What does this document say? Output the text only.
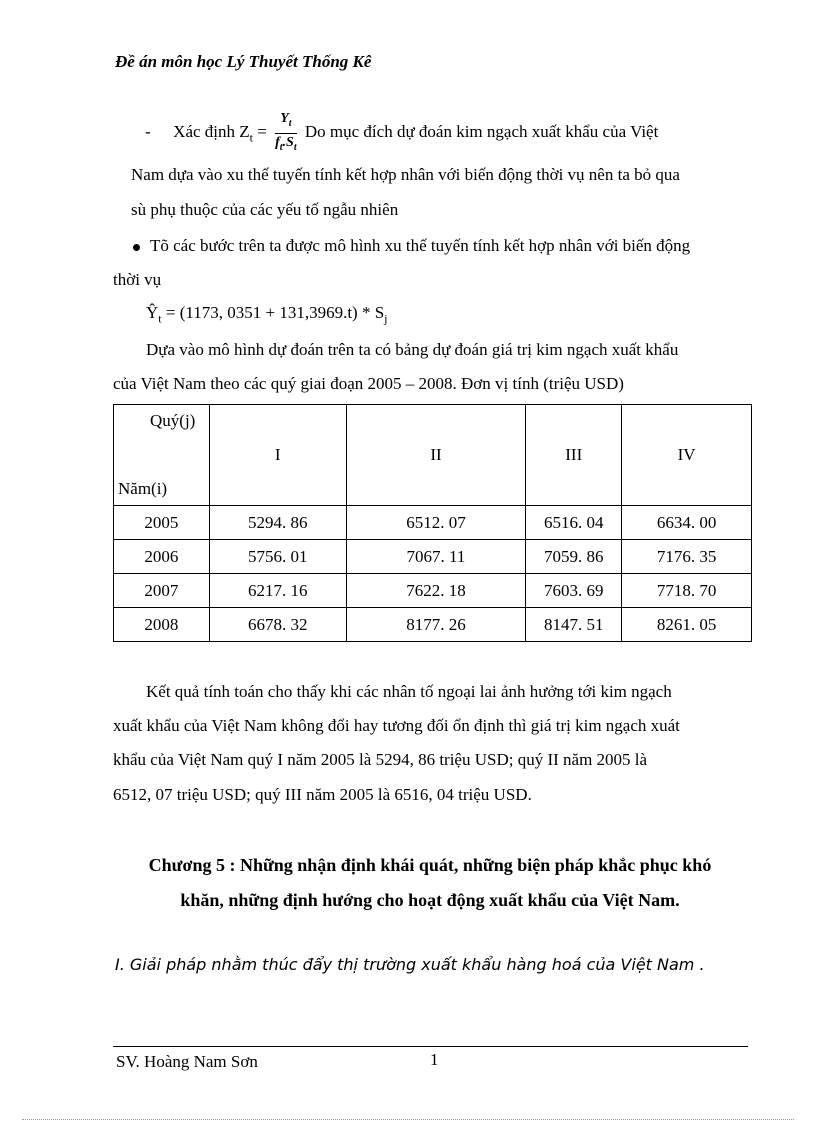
Đề án môn học Lý Thuyết Thống Kê
- Xác định $Z_t = \frac{Y_t}{f_t.S_t}$ Do mục đích dự đoán kim ngạch xuất khẩu của Việt
Nam dựa vào xu thế tuyến tính kết hợp nhân với biến động thời vụ nên ta bỏ qua
sù phụ thuộc của các yếu tố ngẫu nhiên
Tõ các bước trên ta được mô hình xu thế tuyến tính kết hợp nhân với biến động
thời vụ
$Ŷ_t = (1173$, $0351 + 131,3969.t) * S_j$
Dựa vào mô hình dự đoán trên ta có bảng dự đoán giá trị kim ngạch xuất khẩu
của Việt Nam theo các quý giai đoạn 2005 – 2008. Đơn vị tính (triệu USD)
Quý(j)
Năm(i)	I	II	III	IV
2005	5294. 86	6512. 07	6516. 04	6634. 00
2006	5756. 01	7067. 11	7059. 86	7176. 35
2007	6217. 16	7622. 18	7603. 69	7718. 70
2008	6678. 32	8177. 26	8147. 51	8261. 05
Kết quả tính toán cho thấy khi các nhân tố ngoại lai ảnh hưởng tới kim ngạch
xuất khẩu của Việt Nam không đổi hay tương đối ổn định thì giá trị kim ngạch xuát
khẩu của Việt Nam quý I năm 2005 là 5294, 86 triệu USD; quý II năm 2005 là
6512, 07 triệu USD; quý III năm 2005 là 6516, 04 triệu USD.
Chương 5 : Những nhận định khái quát, những biện pháp khắc phục khó
khăn, những định hướng cho hoạt động xuất khẩu của Việt Nam.
I. Giải pháp nhằm thúc đẩy thị trường xuất khẩu hàng hoá của Việt Nam .
SV. Hoàng Nam Sơn	1
